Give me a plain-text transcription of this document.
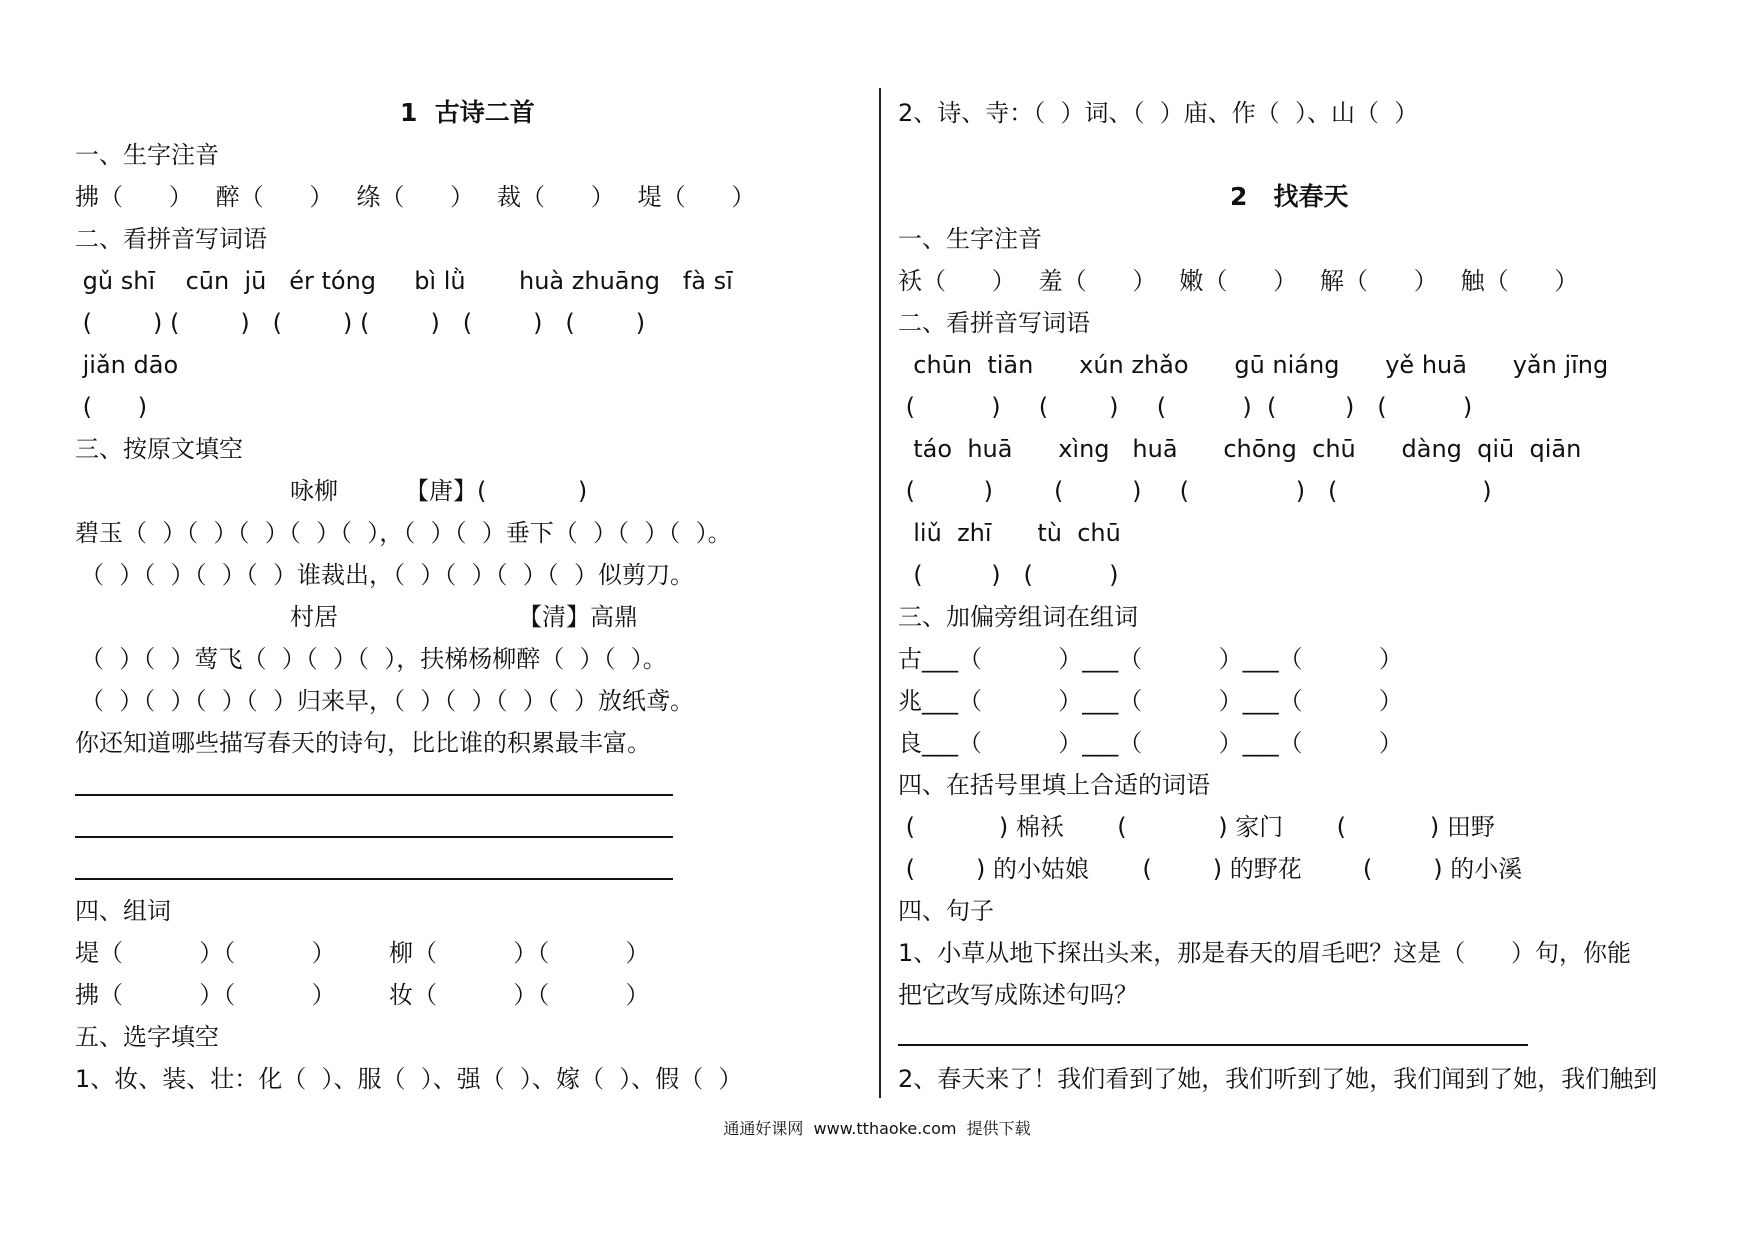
1  古诗二首
一、生字注音
拂（      ）   醉（      ）   绦（      ）   裁（      ）   堤（      ）
二、看拼音写词语
gǔ shī    cūn  jū   ér tóng     bì lǜ       huà zhuāng   fà sī
(        ) (        )   (        ) (        )   (        )   (        )
jiǎn dāo
(      )
三、按原文填空
咏柳	【唐】(            )
碧玉（  ）（  ）（  ）（  ）（  ），（  ）（  ）垂下（  ）（  ）（  ）。
（  ）（  ）（  ）（  ）谁裁出，（  ）（  ）（  ）（  ）似剪刀。
村居	【清】高鼎
（  ）（  ）莺飞（  ）（  ）（  ），扶梯杨柳醉（  ）（  ）。
（  ）（  ）（  ）（  ）归来早，（  ）（  ）（  ）（  ）放纸鸢。
你还知道哪些描写春天的诗句，比比谁的积累最丰富。
四、组词
堤（          ）（          ）       柳（          ）（          ）
拂（          ）（          ）       妆（          ）（          ）
五、选字填空
1、妆、装、壮：化（  ）、服（  ）、强（  ）、嫁（  ）、假（  ）
2、诗、寺：（  ）词、（  ）庙、作（  ）、山（  ）
2   找春天
一、生字注音
袄（      ）   羞（      ）   嫩（      ）   解（      ）   触（      ）
二、看拼音写词语
chūn  tiān      xún zhǎo      gū niáng      yě huā      yǎn jīng
(          )     (        )     (          )  (         )   (          )
táo  huā      xìng   huā      chōng  chū      dàng  qiū  qiān
(         )        (         )     (              )   (                   )
liǔ  zhī      tù  chū
(         )   (          )
三、加偏旁组词在组词
古___（          ）___（          ）___（          ）
兆___（          ）___（          ）___（          ）
良___（          ）___（          ）___（          ）
四、在括号里填上合适的词语
(           ) 棉袄       (            ) 家门       (           ) 田野
(        ) 的小姑娘       (        ) 的野花        (        ) 的小溪
四、句子
1、小草从地下探出头来，那是春天的眉毛吧？这是（      ）句，你能
把它改写成陈述句吗？
2、春天来了！我们看到了她，我们听到了她，我们闻到了她，我们触到
通通好课网  www.tthaoke.com  提供下载
